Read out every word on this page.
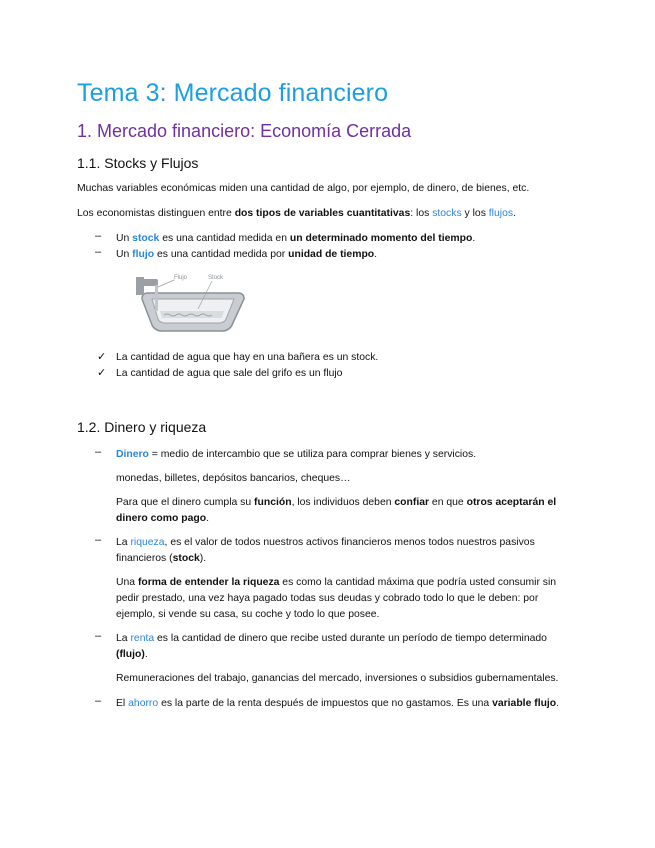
Tema 3: Mercado financiero
1. Mercado financiero: Economía Cerrada
1.1. Stocks y Flujos
Muchas variables económicas miden una cantidad de algo, por ejemplo, de dinero, de bienes, etc.
Los economistas distinguen entre dos tipos de variables cuantitativas: los stocks y los flujos.
– Un stock es una cantidad medida en un determinado momento del tiempo.
– Un flujo es una cantidad medida por unidad de tiempo.
Flujo	Stock
✓ La cantidad de agua que hay en una bañera es un stock.
✓ La cantidad de agua que sale del grifo es un flujo
1.2. Dinero y riqueza
– Dinero = medio de intercambio que se utiliza para comprar bienes y servicios.
monedas, billetes, depósitos bancarios, cheques…
Para que el dinero cumpla su función, los individuos deben confiar en que otros aceptarán el
dinero como pago.
– La riqueza, es el valor de todos nuestros activos financieros menos todos nuestros pasivos
financieros (stock).
Una forma de entender la riqueza es como la cantidad máxima que podría usted consumir sin
pedir prestado, una vez haya pagado todas sus deudas y cobrado todo lo que le deben: por
ejemplo, si vende su casa, su coche y todo lo que posee.
– La renta es la cantidad de dinero que recibe usted durante un período de tiempo determinado
(flujo).
Remuneraciones del trabajo, ganancias del mercado, inversiones o subsidios gubernamentales.
– El ahorro es la parte de la renta después de impuestos que no gastamos. Es una variable flujo.
